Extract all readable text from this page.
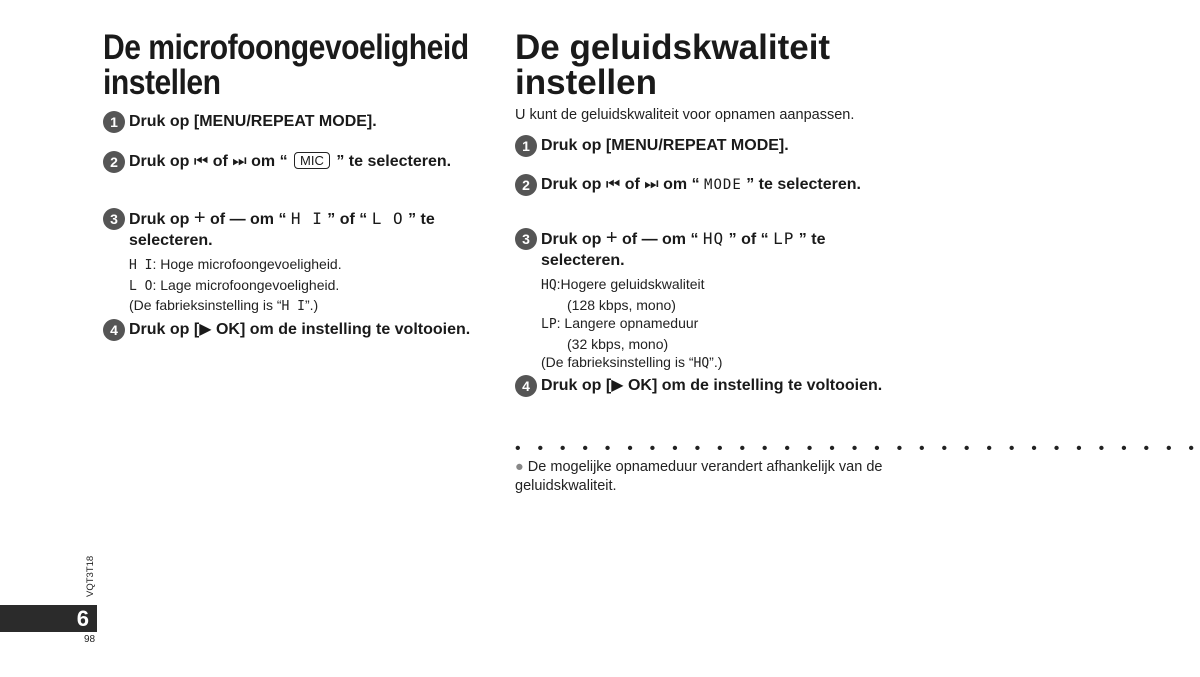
De microfoongevoeligheid
instellen
1 Druk op [MENU/REPEAT MODE].
2 Druk op ⏮ of ⏭ om “ MIC ” te selecteren.
3 Druk op + of — om “ H I ” of “ L O ” te selecteren.
H I: Hoge microfoongevoeligheid.
L O: Lage microfoongevoeligheid.
(De fabrieksinstelling is “H I”.)
4 Druk op [▶ OK] om de instelling te voltooien.
De geluidskwaliteit
instellen
U kunt de geluidskwaliteit voor opnamen aanpassen.
1 Druk op [MENU/REPEAT MODE].
2 Druk op ⏮ of ⏭ om “ MODE ” te selecteren.
3 Druk op + of — om “ HQ ” of “ LP ” te selecteren.
HQ:Hogere geluidskwaliteit
(128 kbps, mono)
LP: Langere opnameduur
(32 kbps, mono)
(De fabrieksinstelling is “HQ”.)
4 Druk op [▶ OK] om de instelling te voltooien.
• • • • • • • • • • • • • • • • • • • • • • • • • • • • • • •
● De mogelijke opnameduur verandert afhankelijk van de geluidskwaliteit.
VQT3T18
6
98
